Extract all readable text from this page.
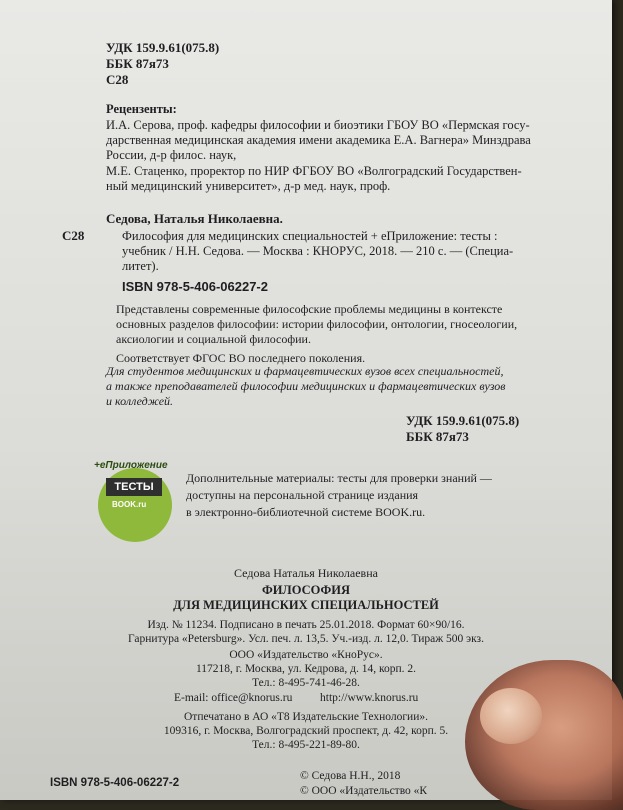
УДК 159.9.61(075.8)
ББК 87я73
С28
Рецензенты:
И.А. Серова, проф. кафедры философии и биоэтики ГБОУ ВО «Пермская госу-
дарственная медицинская академия имени академика Е.А. Вагнера» Минздрава
России, д-р филос. наук,
М.Е. Стаценко, проректор по НИР ФГБОУ ВО «Волгоградский Государствен-
ный медицинский университет», д-р мед. наук, проф.
Седова, Наталья Николаевна.
С28	Философия для медицинских специальностей + еПриложение: тесты :
учебник / Н.Н. Седова. — Москва : КНОРУС, 2018. — 210 с. — (Специа-
литет).
ISBN 978-5-406-06227-2
Представлены современные философские проблемы медицины в контексте
основных разделов философии: истории философии, онтологии, гносеологии,
аксиологии и социальной философии.
Соответствует ФГОС ВО последнего поколения.
Для студентов медицинских и фармацевтических вузов всех специальностей,
а также преподавателей философии медицинских и фармацевтических вузов
и колледжей.
УДК 159.9.61(075.8)
ББК 87я73
+еПриложение
ТЕСТЫ
BOOK.ru
Дополнительные материалы: тесты для проверки знаний —
доступны на персональной странице издания
в электронно-библиотечной системе BOOK.ru.
Седова Наталья Николаевна
ФИЛОСОФИЯ
ДЛЯ МЕДИЦИНСКИХ СПЕЦИАЛЬНОСТЕЙ
Изд. № 11234. Подписано в печать 25.01.2018. Формат 60×90/16.
Гарнитура «Petersburg». Усл. печ. л. 13,5. Уч.-изд. л. 12,0. Тираж 500 экз.
ООО «Издательство «КноРус».
117218, г. Москва, ул. Кедрова, д. 14, корп. 2.
Тел.: 8-495-741-46-28.
E-mail: office@knorus.ru http://www.knorus.ru
Отпечатано в АО «T8 Издательские Технологии».
109316, г. Москва, Волгоградский проспект, д. 42, корп. 5.
Тел.: 8-495-221-89-80.
ISBN 978-5-406-06227-2
© Седова Н.Н., 2018
© ООО «Издательство «К
